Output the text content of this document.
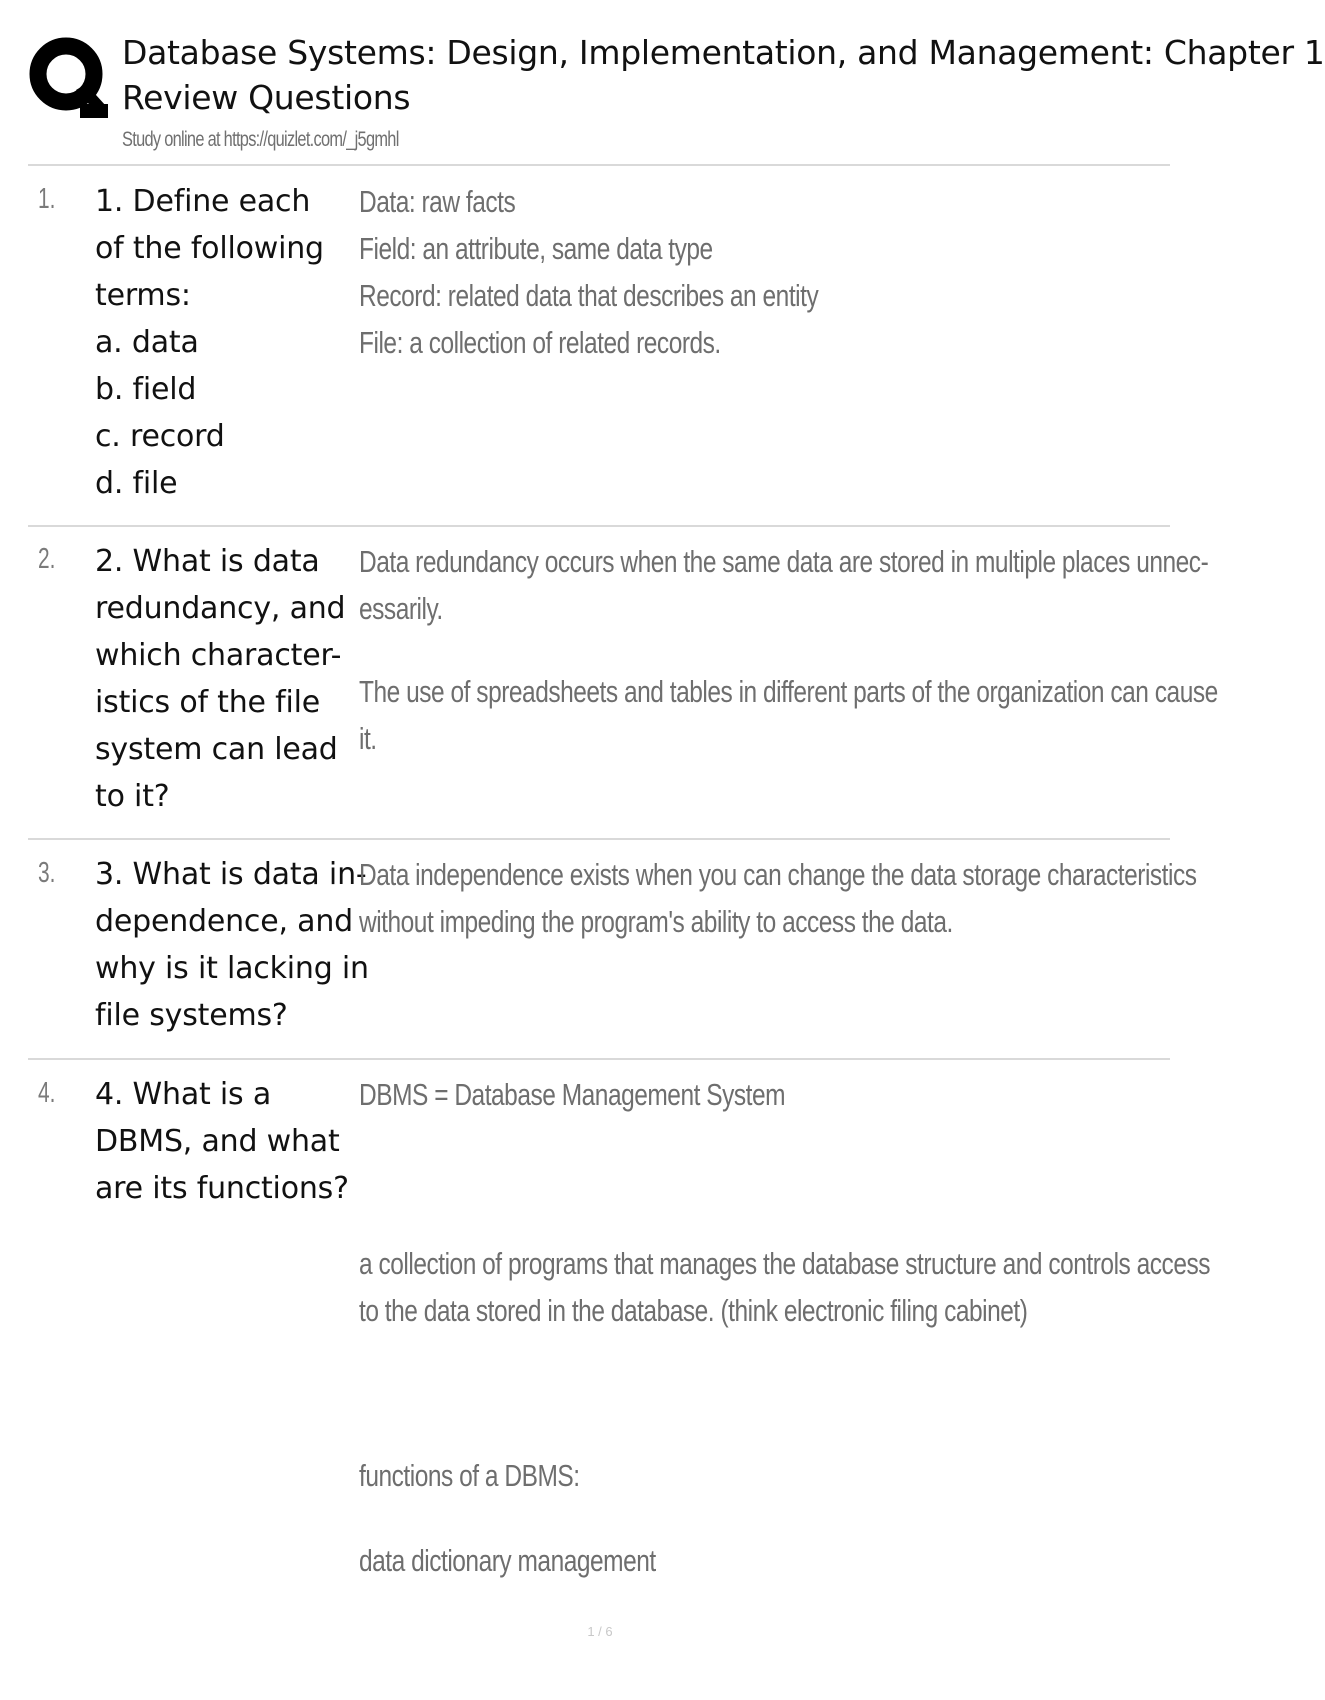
Database Systems: Design, Implementation, and Management: Chapter 1
Review Questions
Study online at https://quizlet.com/_j5gmhl
1. 1. Define each
of the following
terms:
a. data
b. field
c. record
d. file
Data: raw facts
Field: an attribute, same data type
Record: related data that describes an entity
File: a collection of related records.
2. 2. What is data
redundancy, and
which character-
istics of the file
system can lead
to it?
Data redundancy occurs when the same data are stored in multiple places unnec-
essarily.
The use of spreadsheets and tables in different parts of the organization can cause
it.
3. 3. What is data in-
dependence, and
why is it lacking in
file systems?
Data independence exists when you can change the data storage characteristics
without impeding the program's ability to access the data.
4. 4. What is a
DBMS, and what
are its functions?
DBMS = Database Management System
a collection of programs that manages the database structure and controls access
to the data stored in the database. (think electronic filing cabinet)
functions of a DBMS:
data dictionary management
1 / 6
